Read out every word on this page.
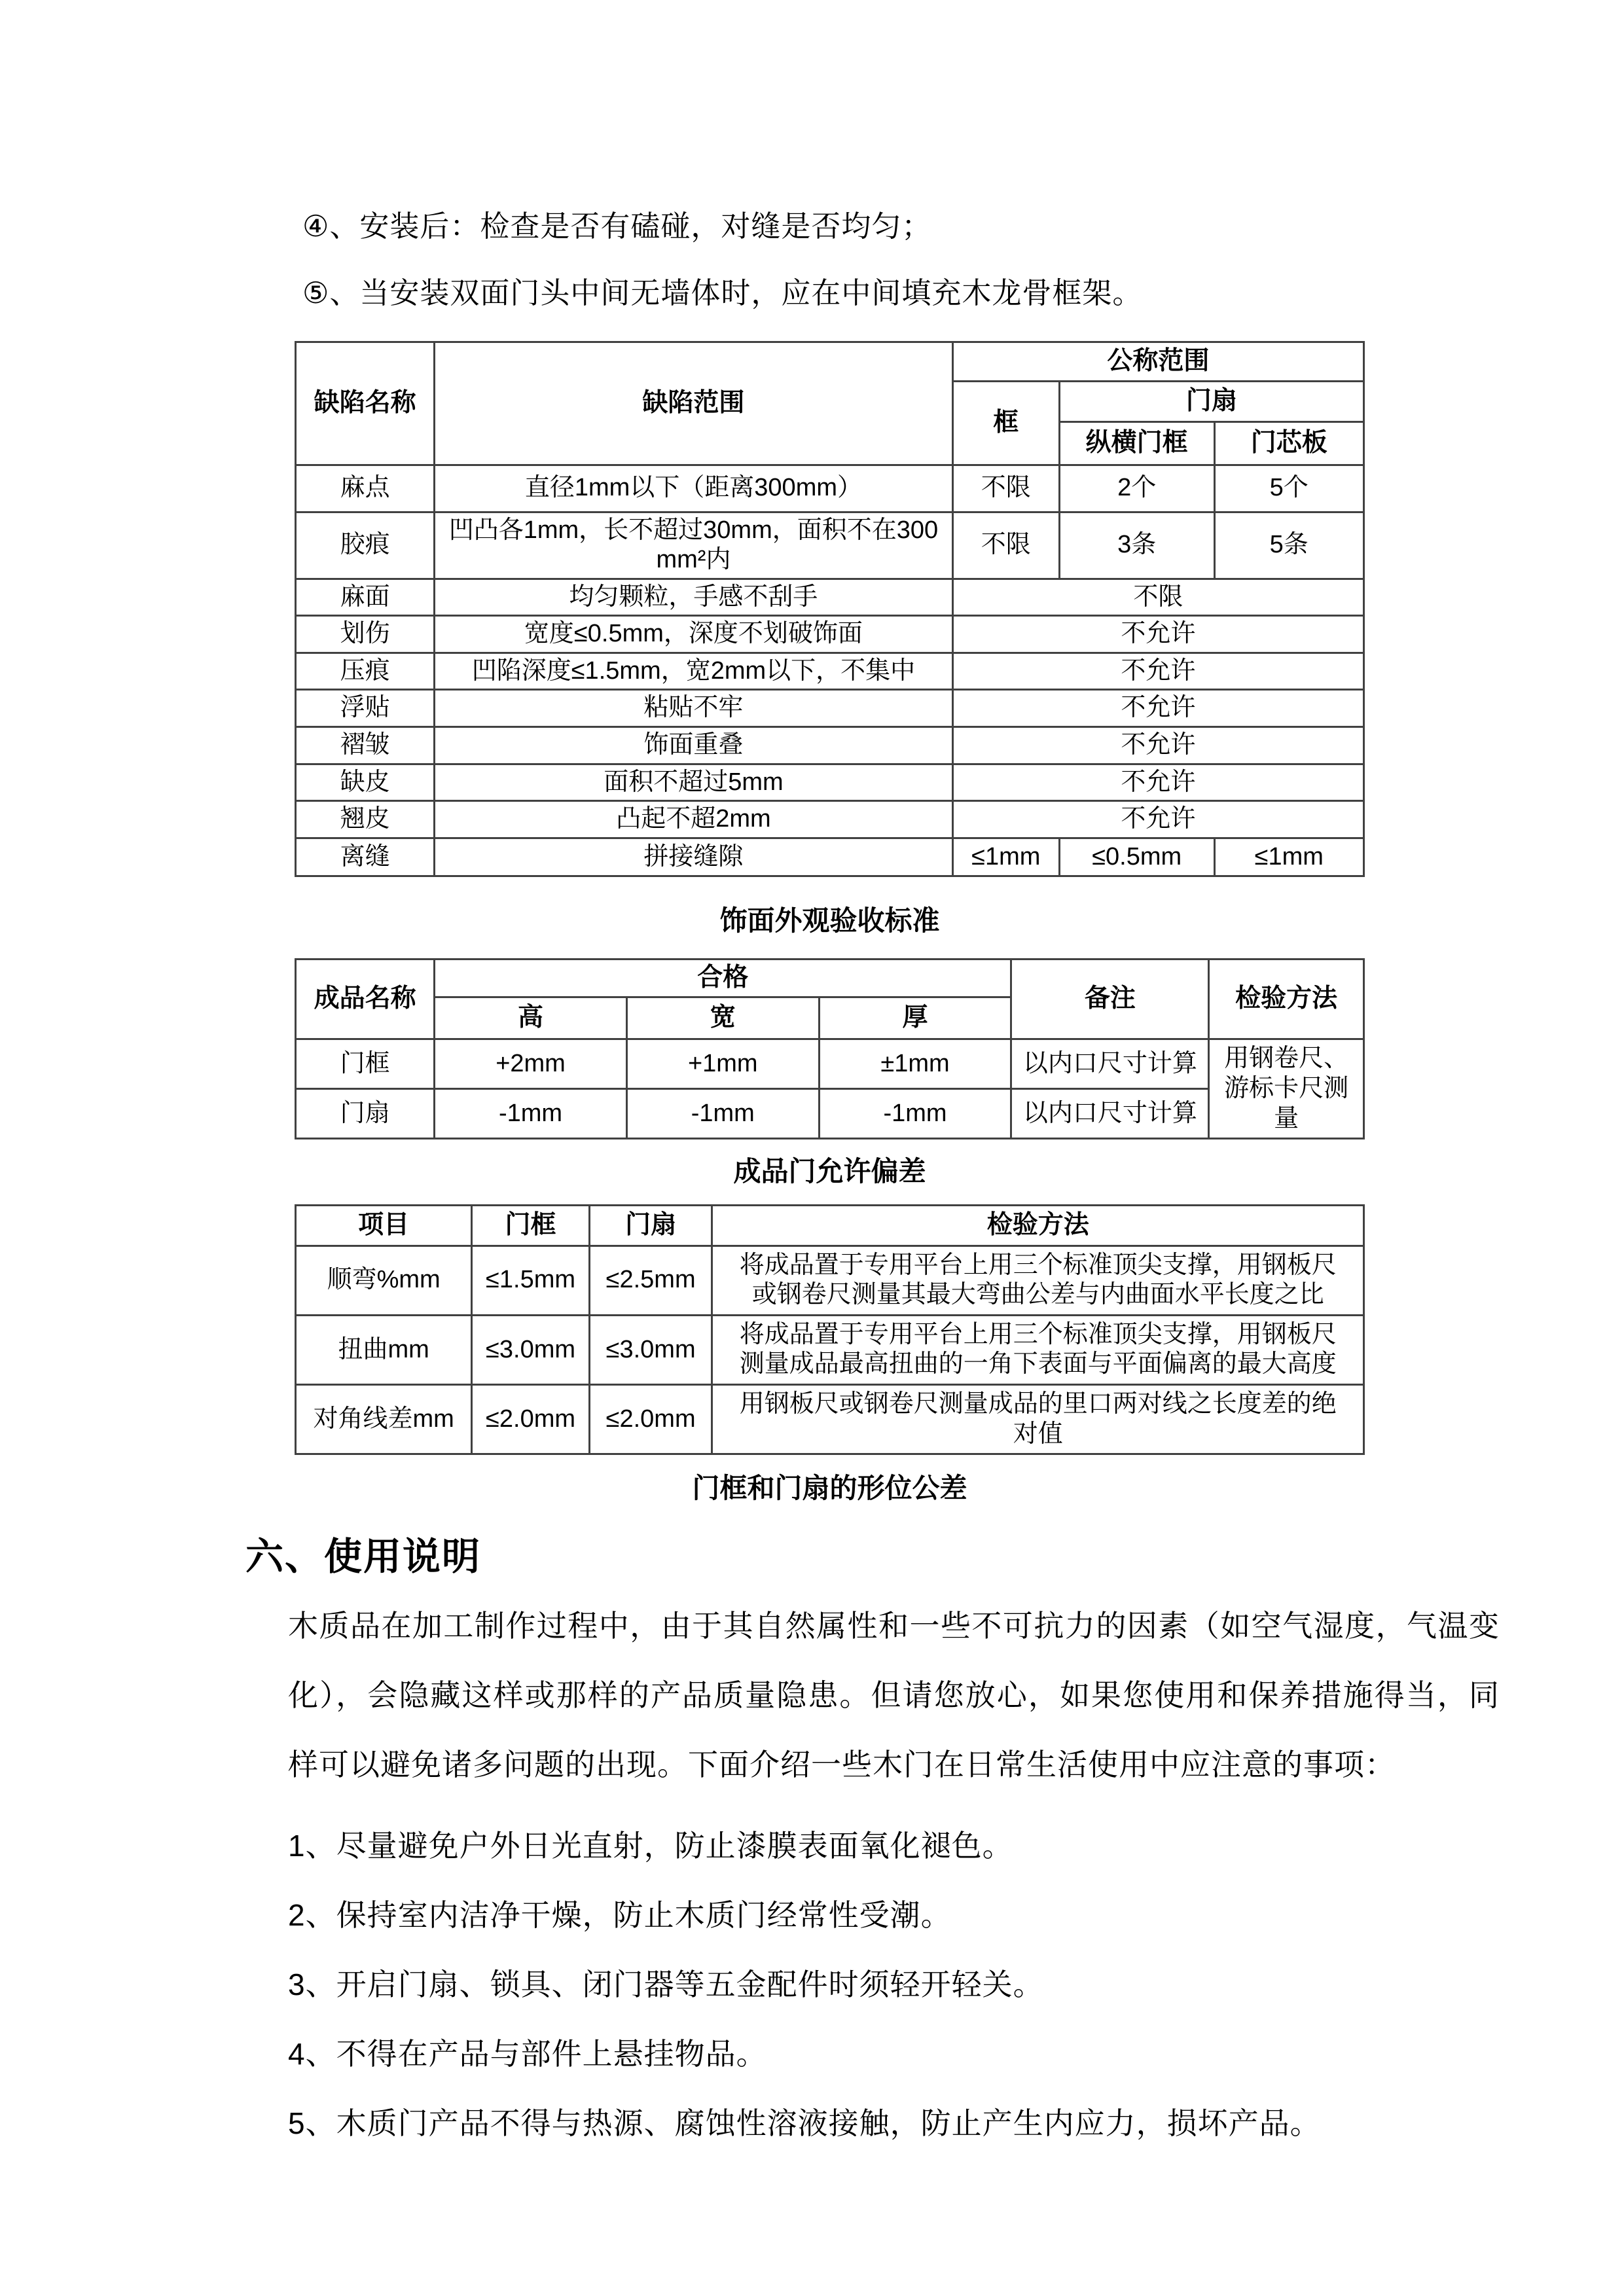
④、安装后：检查是否有磕碰，对缝是否均匀；
⑤、当安装双面门头中间无墙体时，应在中间填充木龙骨框架。
缺陷名称	缺陷范围	公称范围		
		框	门扇	
			纵横门框	门芯板
麻点	直径1mm以下（距离300mm）	不限	2个	5个
胶痕	凹凸各1mm，长不超过30mm，面积不在300mm²内	不限	3条	5条
麻面	均匀颗粒，手感不刮手	不限		
划伤	宽度≤0.5mm，深度不划破饰面	不允许		
压痕	凹陷深度≤1.5mm，宽2mm以下，不集中	不允许		
浮贴	粘贴不牢	不允许		
褶皱	饰面重叠	不允许		
缺皮	面积不超过5mm	不允许		
翘皮	凸起不超2mm	不允许		
离缝	拼接缝隙	≤1mm	≤0.5mm	≤1mm
饰面外观验收标准
成品名称	合格			备注	检验方法
	高	宽	厚		
门框	+2mm	+1mm	±1mm	以内口尺寸计算	用钢卷尺、游标卡尺测量
门扇	-1mm	-1mm	-1mm	以内口尺寸计算	
成品门允许偏差
项目	门框	门扇	检验方法
顺弯%mm	≤1.5mm	≤2.5mm	将成品置于专用平台上用三个标准顶尖支撑，用钢板尺或钢卷尺测量其最大弯曲公差与内曲面水平长度之比
扭曲mm	≤3.0mm	≤3.0mm	将成品置于专用平台上用三个标准顶尖支撑，用钢板尺测量成品最高扭曲的一角下表面与平面偏离的最大高度
对角线差mm	≤2.0mm	≤2.0mm	用钢板尺或钢卷尺测量成品的里口两对线之长度差的绝对值
门框和门扇的形位公差
六、使用说明
木质品在加工制作过程中，由于其自然属性和一些不可抗力的因素（如空气湿度，气温变化），会隐藏这样或那样的产品质量隐患。但请您放心，如果您使用和保养措施得当，同样可以避免诸多问题的出现。下面介绍一些木门在日常生活使用中应注意的事项：
1、尽量避免户外日光直射，防止漆膜表面氧化褪色。
2、保持室内洁净干燥，防止木质门经常性受潮。
3、开启门扇、锁具、闭门器等五金配件时须轻开轻关。
4、不得在产品与部件上悬挂物品。
5、木质门产品不得与热源、腐蚀性溶液接触，防止产生内应力，损坏产品。
